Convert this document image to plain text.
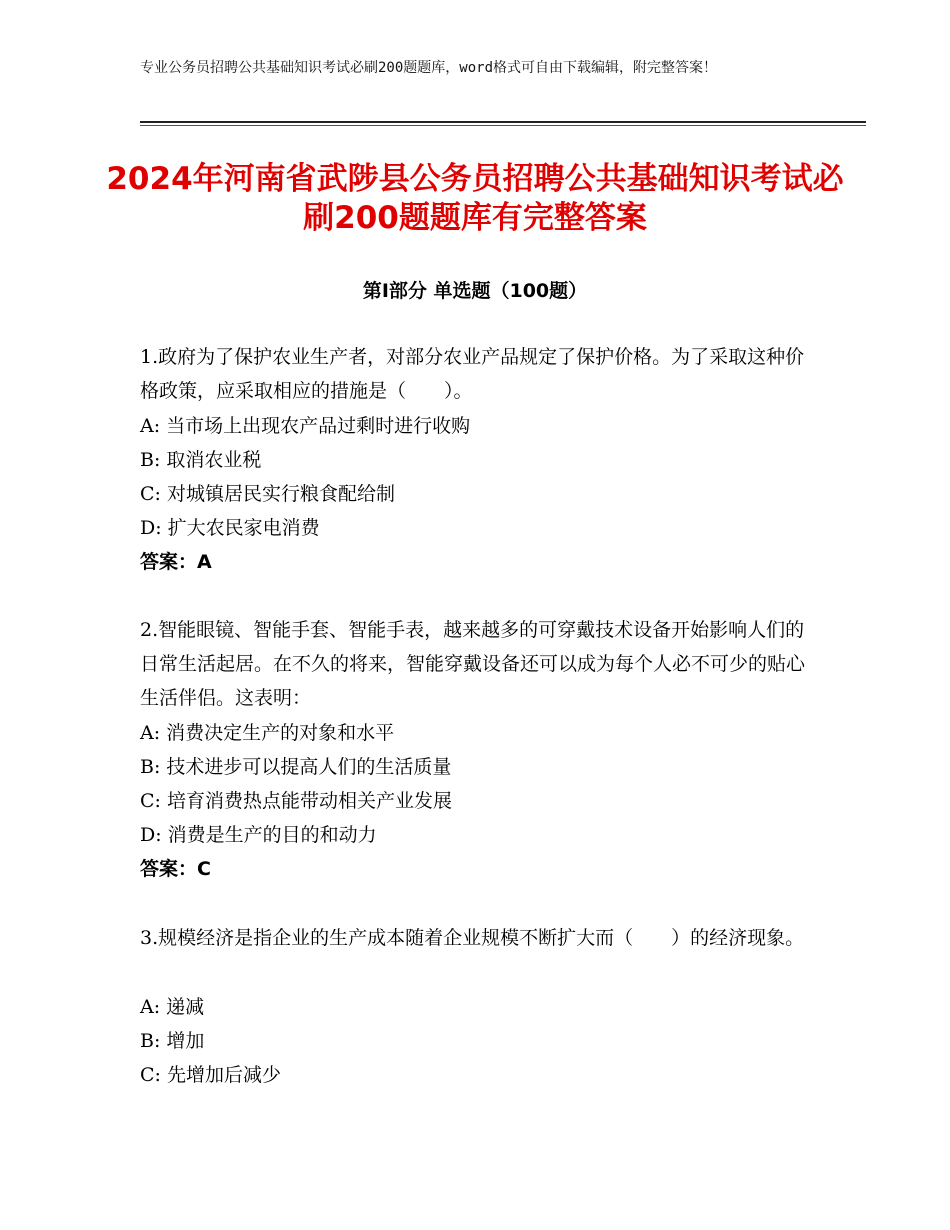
专业公务员招聘公共基础知识考试必刷200题题库，word格式可自由下载编辑，附完整答案！
2024年河南省武陟县公务员招聘公共基础知识考试必刷200题题库有完整答案
第Ⅰ部分 单选题（100题）
1.政府为了保护农业生产者，对部分农业产品规定了保护价格。为了采取这种价格政策，应采取相应的措施是（　　）。
A: 当市场上出现农产品过剩时进行收购
B: 取消农业税
C: 对城镇居民实行粮食配给制
D: 扩大农民家电消费
答案：A
2.智能眼镜、智能手套、智能手表，越来越多的可穿戴技术设备开始影响人们的日常生活起居。在不久的将来，智能穿戴设备还可以成为每个人必不可少的贴心生活伴侣。这表明：
A: 消费决定生产的对象和水平
B: 技术进步可以提高人们的生活质量
C: 培育消费热点能带动相关产业发展
D: 消费是生产的目的和动力
答案：C
3.规模经济是指企业的生产成本随着企业规模不断扩大而（　　）的经济现象。
A: 递减
B: 增加
C: 先增加后减少
